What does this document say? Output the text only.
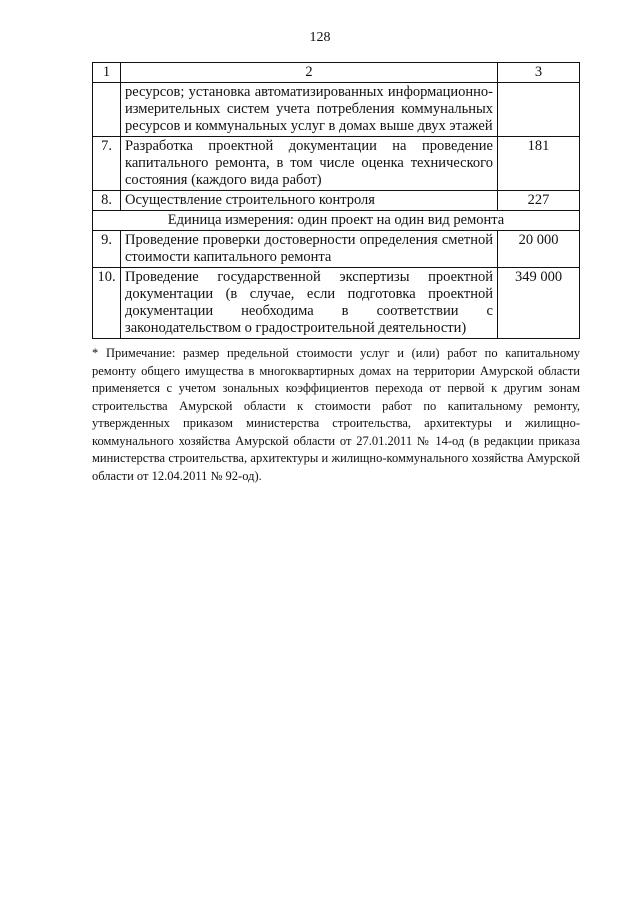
128
1	2	3
	ресурсов; установка автоматизированных информационно-измерительных систем учета потребления коммунальных ресурсов и коммунальных услуг в домах выше двух этажей	
7.	Разработка проектной документации на проведение капитального ремонта, в том числе оценка технического состояния (каждого вида работ)	181
8.	Осуществление строительного контроля	227
Единица измерения: один проект на один вид ремонта		
9.	Проведение проверки достоверности определения сметной стоимости капитального ремонта	20 000
10.	Проведение государственной экспертизы проектной документации (в случае, если подготовка проектной документации необходима в соответствии с законодательством о градостроительной деятельности)	349 000
* Примечание: размер предельной стоимости услуг и (или) работ по капитальному ремонту общего имущества в многоквартирных домах на территории Амурской области применяется с учетом зональных коэффициентов перехода от первой к другим зонам строительства Амурской области к стоимости работ по капитальному ремонту, утвержденных приказом министерства строительства, архитектуры и жилищно-коммунального хозяйства Амурской области от 27.01.2011 № 14-од (в редакции приказа министерства строительства, архитектуры и жилищно-коммунального хозяйства Амурской области от 12.04.2011 № 92-од).
